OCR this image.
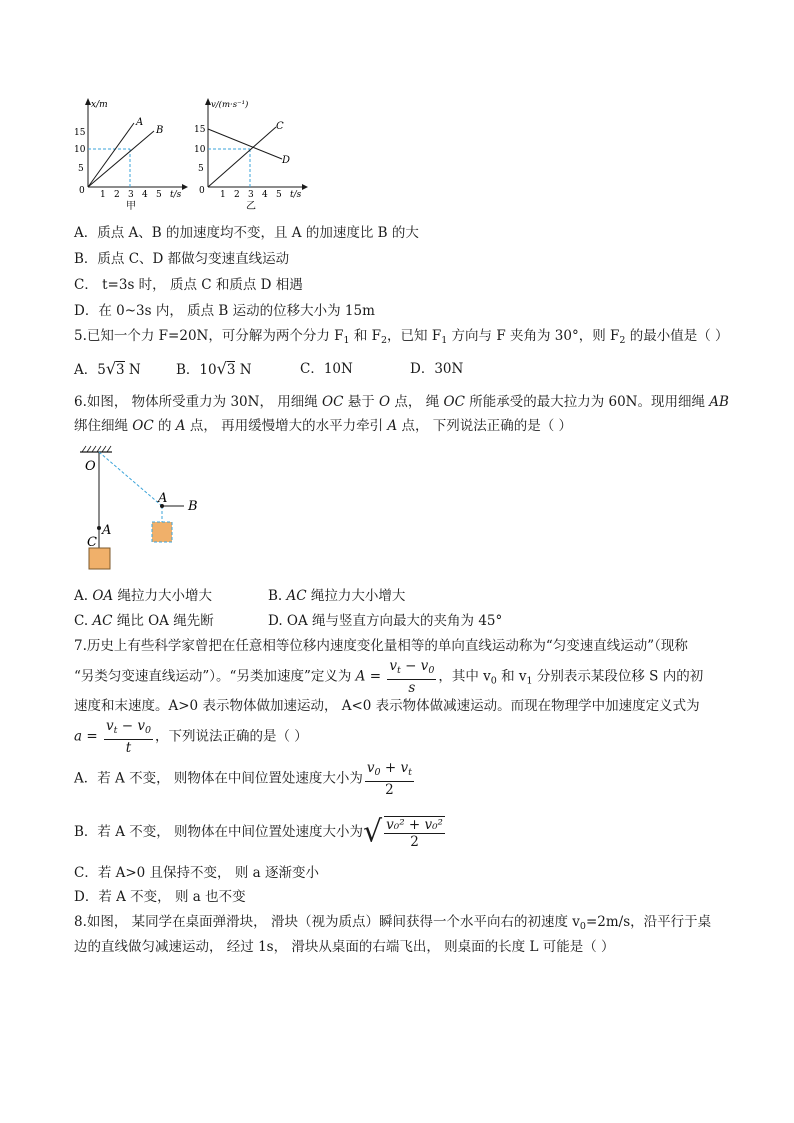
x/m
15
10
5
0 1 2 3 4 5 t/s
A
B
甲
v/(m·s⁻¹)
15
10
5
0 1 2 3 4 5 t/s
C
D
乙
A．质点 A、B 的加速度均不变，且 A 的加速度比 B 的大
B．质点 C、D 都做匀变速直线运动
C． t=3s 时， 质点 C 和质点 D 相遇
D．在 0~3s 内， 质点 B 运动的位移大小为 15m
5.已知一个力 F=20N，可分解为两个分力 $F_1$ 和 $F_2$，已知 $F_1$ 方向与 F 夹角为 30°，则 $F_2$ 的最小值是（ ）
A．5√3 N	B．10√3 N	C．10N	D．30N
6.如图， 物体所受重力为 30N， 用细绳 OC 悬于 O 点， 绳 OC 所能承受的最大拉力为 60N。现用细绳 AB
绑住细绳 OC 的 A 点， 再用缓慢增大的水平力牵引 A 点， 下列说法正确的是（ ）
O
A
C
A
B
A. OA 绳拉力大小增大	B. AC 绳拉力大小增大
C. AC 绳比 OA 绳先断	D. OA 绳与竖直方向最大的夹角为 45°
7.历史上有些科学家曾把在任意相等位移内速度变化量相等的单向直线运动称为“匀变速直线运动”（现称
“另类匀变速直线运动”）。“另类加速度”定义为 $A = \frac{v_t - v_0}{s}$ ，其中 $v_0$ 和 $v_1$ 分别表示某段位移 S 内的初
速度和末速度。A>0 表示物体做加速运动， A<0 表示物体做减速运动。而现在物理学中加速度定义式为
$a = \frac{v_t - v_0}{t}$ ，下列说法正确的是（ ）
A．若 A 不变， 则物体在中间位置处速度大小为 $\frac{v_0 + v_t}{2}$
B．若 A 不变， 则物体在中间位置处速度大小为√ $\frac{\text{v₀² + v₀²}}{2}$
C．若 A>0 且保持不变， 则 a 逐渐变小
D．若 A 不变， 则 a 也不变
8.如图， 某同学在桌面弹滑块， 滑块（视为质点）瞬间获得一个水平向右的初速度 $v_0=2m/s$，沿平行于桌
边的直线做匀减速运动， 经过 1s， 滑块从桌面的右端飞出， 则桌面的长度 L 可能是（ ）
